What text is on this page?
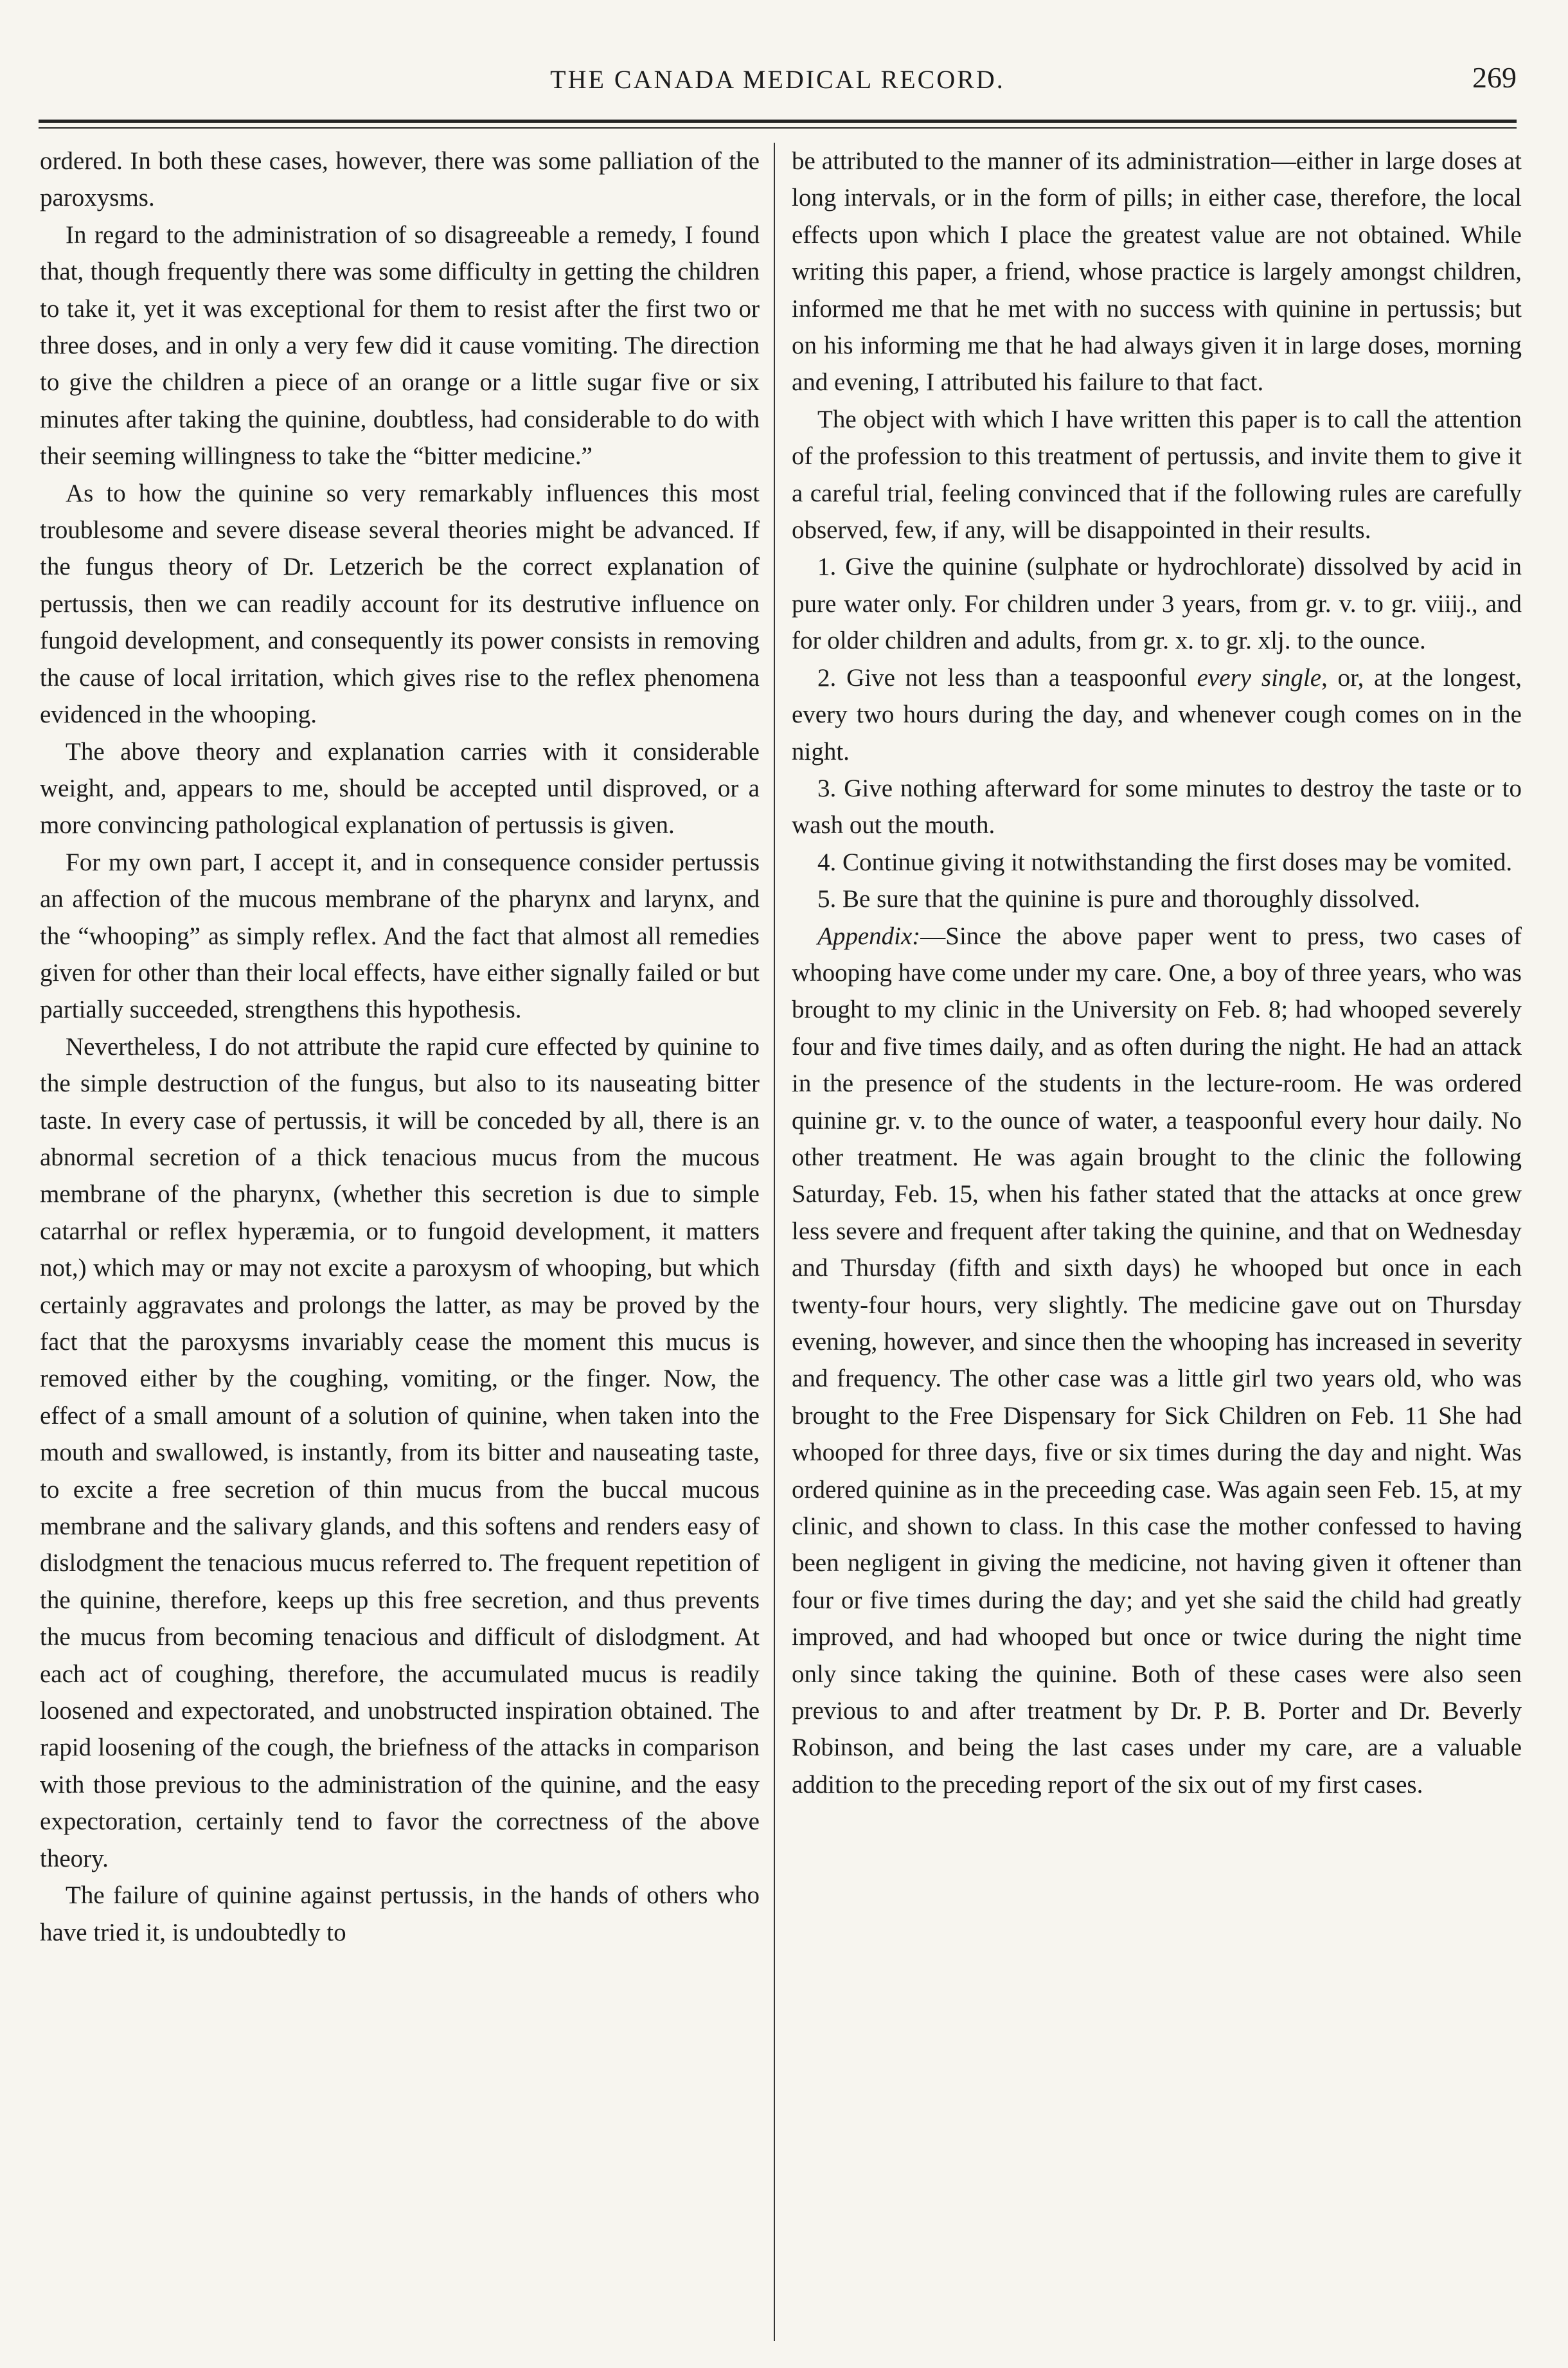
THE CANADA MEDICAL RECORD.	269

ordered. In both these cases, however, there was some palliation of the paroxysms.

In regard to the administration of so disagreeable a remedy, I found that, though frequently there was some difficulty in getting the children to take it, yet it was exceptional for them to resist after the first two or three doses, and in only a very few did it cause vomiting. The direction to give the children a piece of an orange or a little sugar five or six minutes after taking the quinine, doubtless, had considerable to do with their seeming willingness to take the “bitter medicine.”

As to how the quinine so very remarkably influences this most troublesome and severe disease several theories might be advanced. If the fungus theory of Dr. Letzerich be the correct explanation of pertussis, then we can readily account for its destrutive influence on fungoid development, and consequently its power consists in removing the cause of local irritation, which gives rise to the reflex phenomena evidenced in the whooping.

The above theory and explanation carries with it considerable weight, and, appears to me, should be accepted until disproved, or a more convincing pathological explanation of pertussis is given.

For my own part, I accept it, and in consequence consider pertussis an affection of the mucous membrane of the pharynx and larynx, and the “whooping” as simply reflex. And the fact that almost all remedies given for other than their local effects, have either signally failed or but partially succeeded, strengthens this hypothesis.

Nevertheless, I do not attribute the rapid cure effected by quinine to the simple destruction of the fungus, but also to its nauseating bitter taste. In every case of pertussis, it will be conceded by all, there is an abnormal secretion of a thick tenacious mucus from the mucous membrane of the pharynx, (whether this secretion is due to simple catarrhal or reflex hyperæmia, or to fungoid development, it matters not,) which may or may not excite a paroxysm of whooping, but which certainly aggravates and prolongs the latter, as may be proved by the fact that the paroxysms invariably cease the moment this mucus is removed either by the coughing, vomiting, or the finger. Now, the effect of a small amount of a solution of quinine, when taken into the mouth and swallowed, is instantly, from its bitter and nauseating taste, to excite a free secretion of thin mucus from the buccal mucous membrane and the salivary glands, and this softens and renders easy of dislodgment the tenacious mucus referred to. The frequent repetition of the quinine, therefore, keeps up this free secretion, and thus prevents the mucus from becoming tenacious and difficult of dislodgment. At each act of coughing, therefore, the accumulated mucus is readily loosened and expectorated, and unobstructed inspiration obtained. The rapid loosening of the cough, the briefness of the attacks in comparison with those previous to the administration of the quinine, and the easy expectoration, certainly tend to favor the correctness of the above theory.

The failure of quinine against pertussis, in the hands of others who have tried it, is undoubtedly to

be attributed to the manner of its administration—either in large doses at long intervals, or in the form of pills; in either case, therefore, the local effects upon which I place the greatest value are not obtained. While writing this paper, a friend, whose practice is largely amongst children, informed me that he met with no success with quinine in pertussis; but on his informing me that he had always given it in large doses, morning and evening, I attributed his failure to that fact.

The object with which I have written this paper is to call the attention of the profession to this treatment of pertussis, and invite them to give it a careful trial, feeling convinced that if the following rules are carefully observed, few, if any, will be disappointed in their results.

1. Give the quinine (sulphate or hydrochlorate) dissolved by acid in pure water only. For children under 3 years, from gr. v. to gr. viiij., and for older children and adults, from gr. x. to gr. xlj. to the ounce.

2. Give not less than a teaspoonful every single, or, at the longest, every two hours during the day, and whenever cough comes on in the night.

3. Give nothing afterward for some minutes to destroy the taste or to wash out the mouth.

4. Continue giving it notwithstanding the first doses may be vomited.

5. Be sure that the quinine is pure and thoroughly dissolved.

Appendix:—Since the above paper went to press, two cases of whooping have come under my care. One, a boy of three years, who was brought to my clinic in the University on Feb. 8; had whooped severely four and five times daily, and as often during the night. He had an attack in the presence of the students in the lecture-room. He was ordered quinine gr. v. to the ounce of water, a teaspoonful every hour daily. No other treatment. He was again brought to the clinic the following Saturday, Feb. 15, when his father stated that the attacks at once grew less severe and frequent after taking the quinine, and that on Wednesday and Thursday (fifth and sixth days) he whooped but once in each twenty-four hours, very slightly. The medicine gave out on Thursday evening, however, and since then the whooping has increased in severity and frequency. The other case was a little girl two years old, who was brought to the Free Dispensary for Sick Children on Feb. 11 She had whooped for three days, five or six times during the day and night. Was ordered quinine as in the preceeding case. Was again seen Feb. 15, at my clinic, and shown to class. In this case the mother confessed to having been negligent in giving the medicine, not having given it oftener than four or five times during the day; and yet she said the child had greatly improved, and had whooped but once or twice during the night time only since taking the quinine. Both of these cases were also seen previous to and after treatment by Dr. P. B. Porter and Dr. Beverly Robinson, and being the last cases under my care, are a valuable addition to the preceding report of the six out of my first cases.
